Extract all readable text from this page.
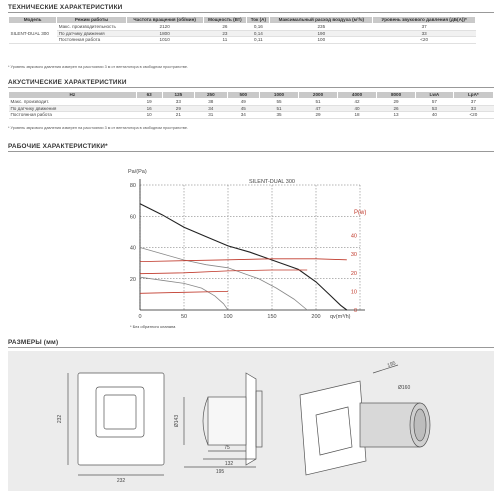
ТЕХНИЧЕСКИЕ ХАРАКТЕРИСТИКИ
Модель	Режим работы	Частота вращения (об/мин)	Мощность (Вт)	Ток (А)	Максимальный расход воздуха (м³/ч)	Уровень звукового давления (дБ(А))*
SILENT-DUAL 300	Макс. производительность	2120	26	0,16	235	37
	По датчику движения	1800	23	0,14	190	33
	Постоянная работа	1010	11	0,11	100	<20
* Уровень звукового давления измерен на расстоянии 3 м от вентилятора в свободном пространстве.
АКУСТИЧЕСКИЕ ХАРАКТЕРИСТИКИ
Hz	63	125	250	500	1000	2000	4000	8000	LwA	LpA*
Макс. производит.	19	33	38	49	55	51	42	29	57	37
По датчику движения	16	29	34	45	51	47	40	26	53	33
Постоянная работа	10	21	31	34	35	29	18	13	40	<20
* Уровень звукового давления измерен на расстоянии 3 м от вентилятора в свободном пространстве.
РАБОЧИЕ ХАРАКТЕРИСТИКИ*
0	50	100	150	200
20
40
60
80
0
10
20
30
40
Pa/(Pa)
P(w)
qv(m³/h)
SILENT-DUAL 300
* Без обратного клапана
РАЗМЕРЫ (мм)
232
232	Ø143
75
132
195
Ø160
195
